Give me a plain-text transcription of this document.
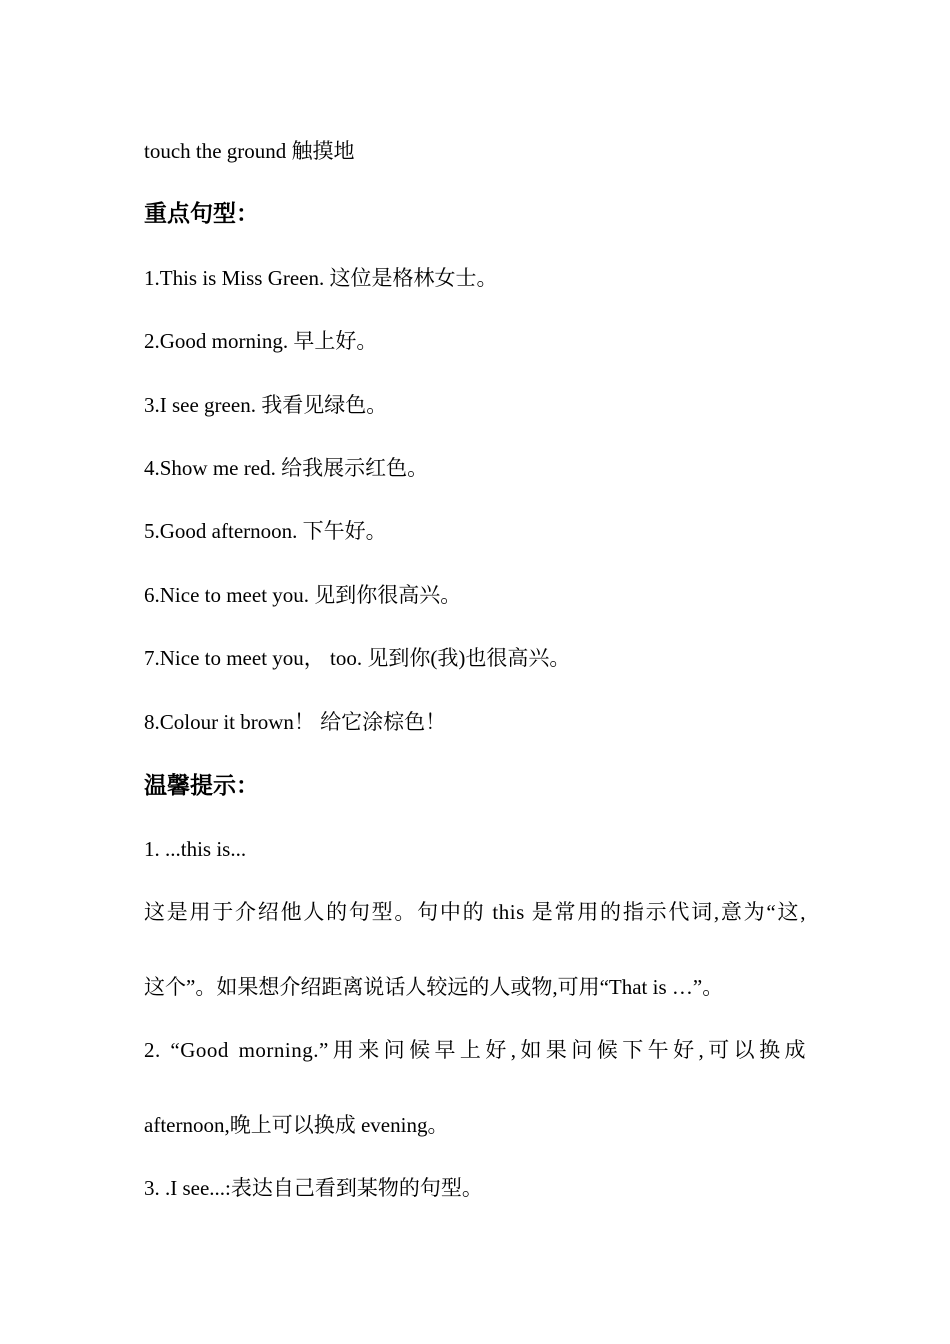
touch the ground 触摸地
重点句型：
1.This is Miss Green. 这位是格林女士。
2.Good morning. 早上好。
3.I see green. 我看见绿色。
4.Show me red. 给我展示红色。
5.Good afternoon. 下午好。
6.Nice to meet you. 见到你很高兴。
7.Nice to meet you， too. 见到你(我)也很高兴。
8.Colour it brown！ 给它涂棕色！
温馨提示：
1. ...this is...
这是用于介绍他人的句型。句中的 this 是常用的指示代词,意为“这,
这个”。如果想介绍距离说话人较远的人或物,可用“That is …”。
2. “Good morning.”用来问候早上好,如果问候下午好,可以换成
afternoon,晚上可以换成 evening。
3. .I see...:表达自己看到某物的句型。
